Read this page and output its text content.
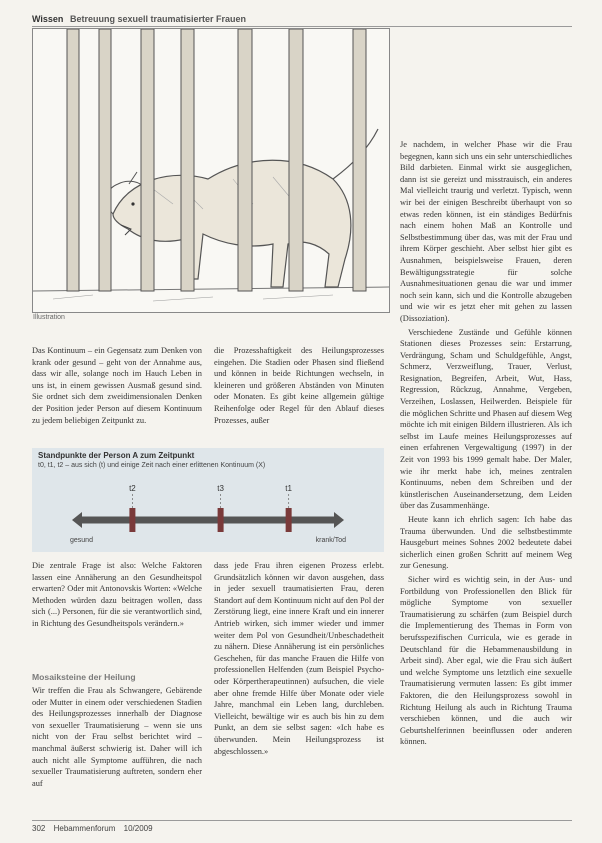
Wissen Betreuung sexuell traumatisierter Frauen
Illustration

Das Kontinuum – ein Gegensatz zum Denken von krank oder gesund – geht von der Annahme aus, dass wir alle, solange noch im Hauch Leben in uns ist, in einem gewissen Ausmaß gesund sind. Sie ordnet sich dem zweidimensionalen Denken der Position jeder Person auf diesem Kontinuum zu jedem beliebigen Zeitpunkt zu.

die Prozesshaftigkeit des Heilungsprozesses eingehen. Die Stadien oder Phasen sind fließend und können in beide Richtungen wechseln, in kleineren und größeren Abständen von Minuten oder Monaten. Es gibt keine allgemein gültige Reihenfolge oder Regel für den Ablauf dieses Prozesses, außer

Je nachdem, in welcher Phase wir die Frau begegnen, kann sich uns ein sehr unterschiedliches Bild darbieten. Einmal wirkt sie ausgeglichen, dann ist sie gereizt und misstrauisch, ein anderes Mal vielleicht traurig und verletzt. Typisch, wenn wir bei der einigen Beschreibt überhaupt von so etwas reden können, ist ein ständiges Bedürfnis nach einem hohen Maß an Kontrolle und Selbstbestimmung über das, was mit der Frau und ihrem Körper geschieht. Aber selbst hier gibt es Ausnahmen, beispielsweise Frauen, deren Bewältigungsstrategie für solche Ausnahmesituationen genau die war und immer noch sein kann, sich und die Kontrolle abzugeben und wie wir es jetzt eher mit gehen zu lassen (Dissoziation).

Verschiedene Zustände und Gefühle können Stationen dieses Prozesses sein: Erstarrung, Verdrängung, Scham und Schuldgefühle, Angst, Schmerz, Verzweiflung, Trauer, Verlust, Resignation, Begreifen, Arbeit, Wut, Hass, Regression, Rückzug, Annahme, Vergeben, Verzeihen, Loslassen, Heilwerden. Beispiele für die möglichen Schritte und Phasen auf diesem Weg möchte ich mit einigen Bildern illustrieren. Als ich selbst im Laufe meines Heilungsprozesses auf einen erfahrenen Vergewaltigung (1997) in der Zeit von 1993 bis 1999 gemalt habe. Der Maler, wie ihr merkt habe ich, meines zentralen Kontinuums, neben dem Schreiben und der künstlerischen Auseinandersetzung, dem Leiden über das Zusammenhänge.

Heute kann ich ehrlich sagen: Ich habe das Trauma überwunden. Und die selbstbestimmte Hausgeburt meines Sohnes 2002 bedeutete dabei sicherlich einen großen Schritt auf meinem Weg zur Genesung.

Sicher wird es wichtig sein, in der Aus- und Fortbildung von Professionellen den Blick für mögliche Symptome von sexueller Traumatisierung zu schärfen (zum Beispiel durch die Implementierung des Themas in Form von berufsspezifischen Curricula, wie es gerade in Deutschland für die Hebammenausbildung in Arbeit sind). Aber egal, wie die Frau sich äußert und welche Symptome uns letztlich eine sexuelle Traumatisierung vermuten lassen: Es gibt immer Faktoren, die den Heilungsprozess sowohl in Richtung Heilung als auch in Richtung Trauma verschieben können, und die auch wir Geburtshelferinnen beeinflussen oder anderen können.

Standpunkte der Person A zum Zeitpunkt
t0, t1, t2 – aus sich (t) und einige Zeit nach einer erlittenen Kontinuum (X)
t2	t3	t1
gesund	krank/Tod

Die zentrale Frage ist also: Welche Faktoren lassen eine Annäherung an den Gesundheitspol erwarten? Oder mit Antonovskis Worten: «Welche Methoden würden dazu beitragen wollen, dass sich (...) Personen, für die sie verantwortlich sind, in Richtung des Gesundheitspols verändern.»

Mosaiksteine der Heilung

Wir treffen die Frau als Schwangere, Gebärende oder Mutter in einem oder verschiedenen Stadien des Heilungsprozesses innerhalb der Diagnose von sexueller Traumatisierung – wenn sie uns nicht von der Frau selbst berichtet wird – manchmal äußerst schwierig ist. Daher will ich auch nicht alle Symptome aufführen, die nach sexueller Traumatisierung auftreten, sondern eher auf

dass jede Frau ihren eigenen Prozess erlebt. Grundsätzlich können wir davon ausgehen, dass in jeder sexuell traumatisierten Frau, deren Standort auf dem Kontinuum nicht auf den Pol der Zerstörung liegt, eine innere Kraft und ein innerer Antrieb wirken, sich immer wieder und immer weiter dem Pol von Gesundheit/Unbeschadetheit zu nähern. Diese Annäherung ist ein persönliches Geschehen, für das manche Frauen die Hilfe von professionellen Helfenden (zum Beispiel Psycho- oder Körpertherapeutinnen) aufsuchen, die viele aber ohne fremde Hilfe über Monate oder viele Jahre, manchmal ein Leben lang, durchleben. Vielleicht, bewältige wir es auch bis hin zu dem Punkt, an dem sie selbst sagen: «Ich habe es überwunden. Mein Heilungsprozess ist abgeschlossen.»

302 Hebammenforum 10/2009
